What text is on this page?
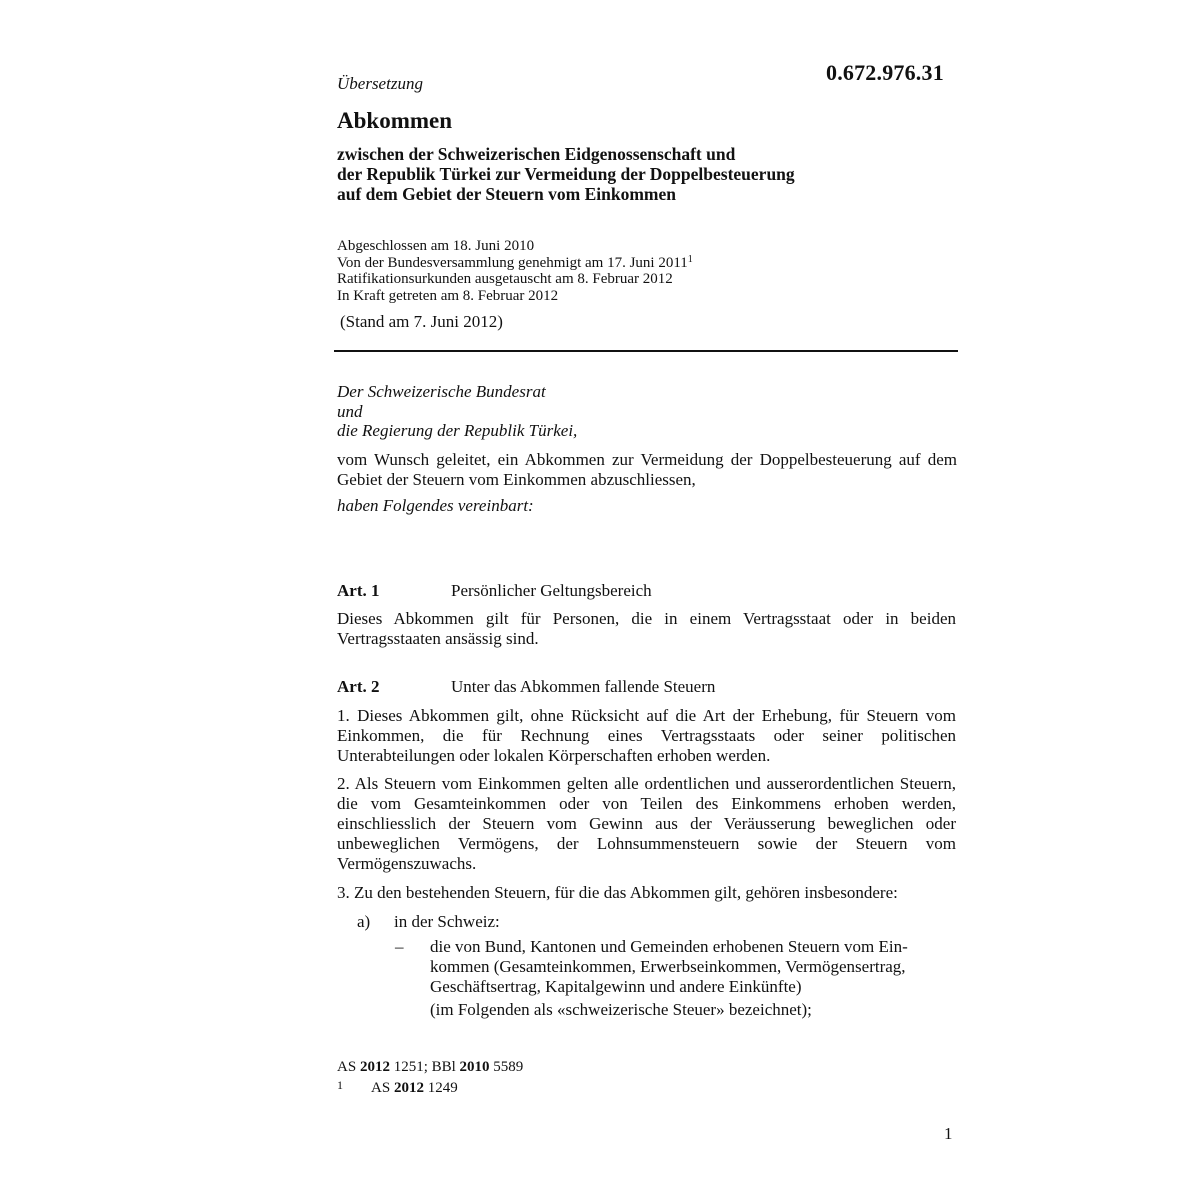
0.672.976.31
Übersetzung
Abkommen
zwischen der Schweizerischen Eidgenossenschaft und
der Republik Türkei zur Vermeidung der Doppelbesteuerung
auf dem Gebiet der Steuern vom Einkommen
Abgeschlossen am 18. Juni 2010
Von der Bundesversammlung genehmigt am 17. Juni 2011$^1$
Ratifikationsurkunden ausgetauscht am 8. Februar 2012
In Kraft getreten am 8. Februar 2012
(Stand am 7. Juni 2012)
Der Schweizerische Bundesrat
und
die Regierung der Republik Türkei,
vom Wunsch geleitet, ein Abkommen zur Vermeidung der Doppelbesteuerung auf dem Gebiet der Steuern vom Einkommen abzuschliessen,
haben Folgendes vereinbart:
Art. 1	Persönlicher Geltungsbereich
Dieses Abkommen gilt für Personen, die in einem Vertragsstaat oder in beiden Vertragsstaaten ansässig sind.
Art. 2	Unter das Abkommen fallende Steuern
1. Dieses Abkommen gilt, ohne Rücksicht auf die Art der Erhebung, für Steuern vom Einkommen, die für Rechnung eines Vertragsstaats oder seiner politischen Unterabteilungen oder lokalen Körperschaften erhoben werden.
2. Als Steuern vom Einkommen gelten alle ordentlichen und ausserordentlichen Steuern, die vom Gesamteinkommen oder von Teilen des Einkommens erhoben werden, einschliesslich der Steuern vom Gewinn aus der Veräusserung beweglichen oder unbeweglichen Vermögens, der Lohnsummensteuern sowie der Steuern vom Vermögenszuwachs.
3. Zu den bestehenden Steuern, für die das Abkommen gilt, gehören insbesondere:
a) in der Schweiz:
– die von Bund, Kantonen und Gemeinden erhobenen Steuern vom Ein-
kommen (Gesamteinkommen, Erwerbseinkommen, Vermögensertrag,
Geschäftsertrag, Kapitalgewinn und andere Einkünfte)
(im Folgenden als «schweizerische Steuer» bezeichnet);
AS 2012 1251; BBl 2010 5589
1 AS 2012 1249
1
